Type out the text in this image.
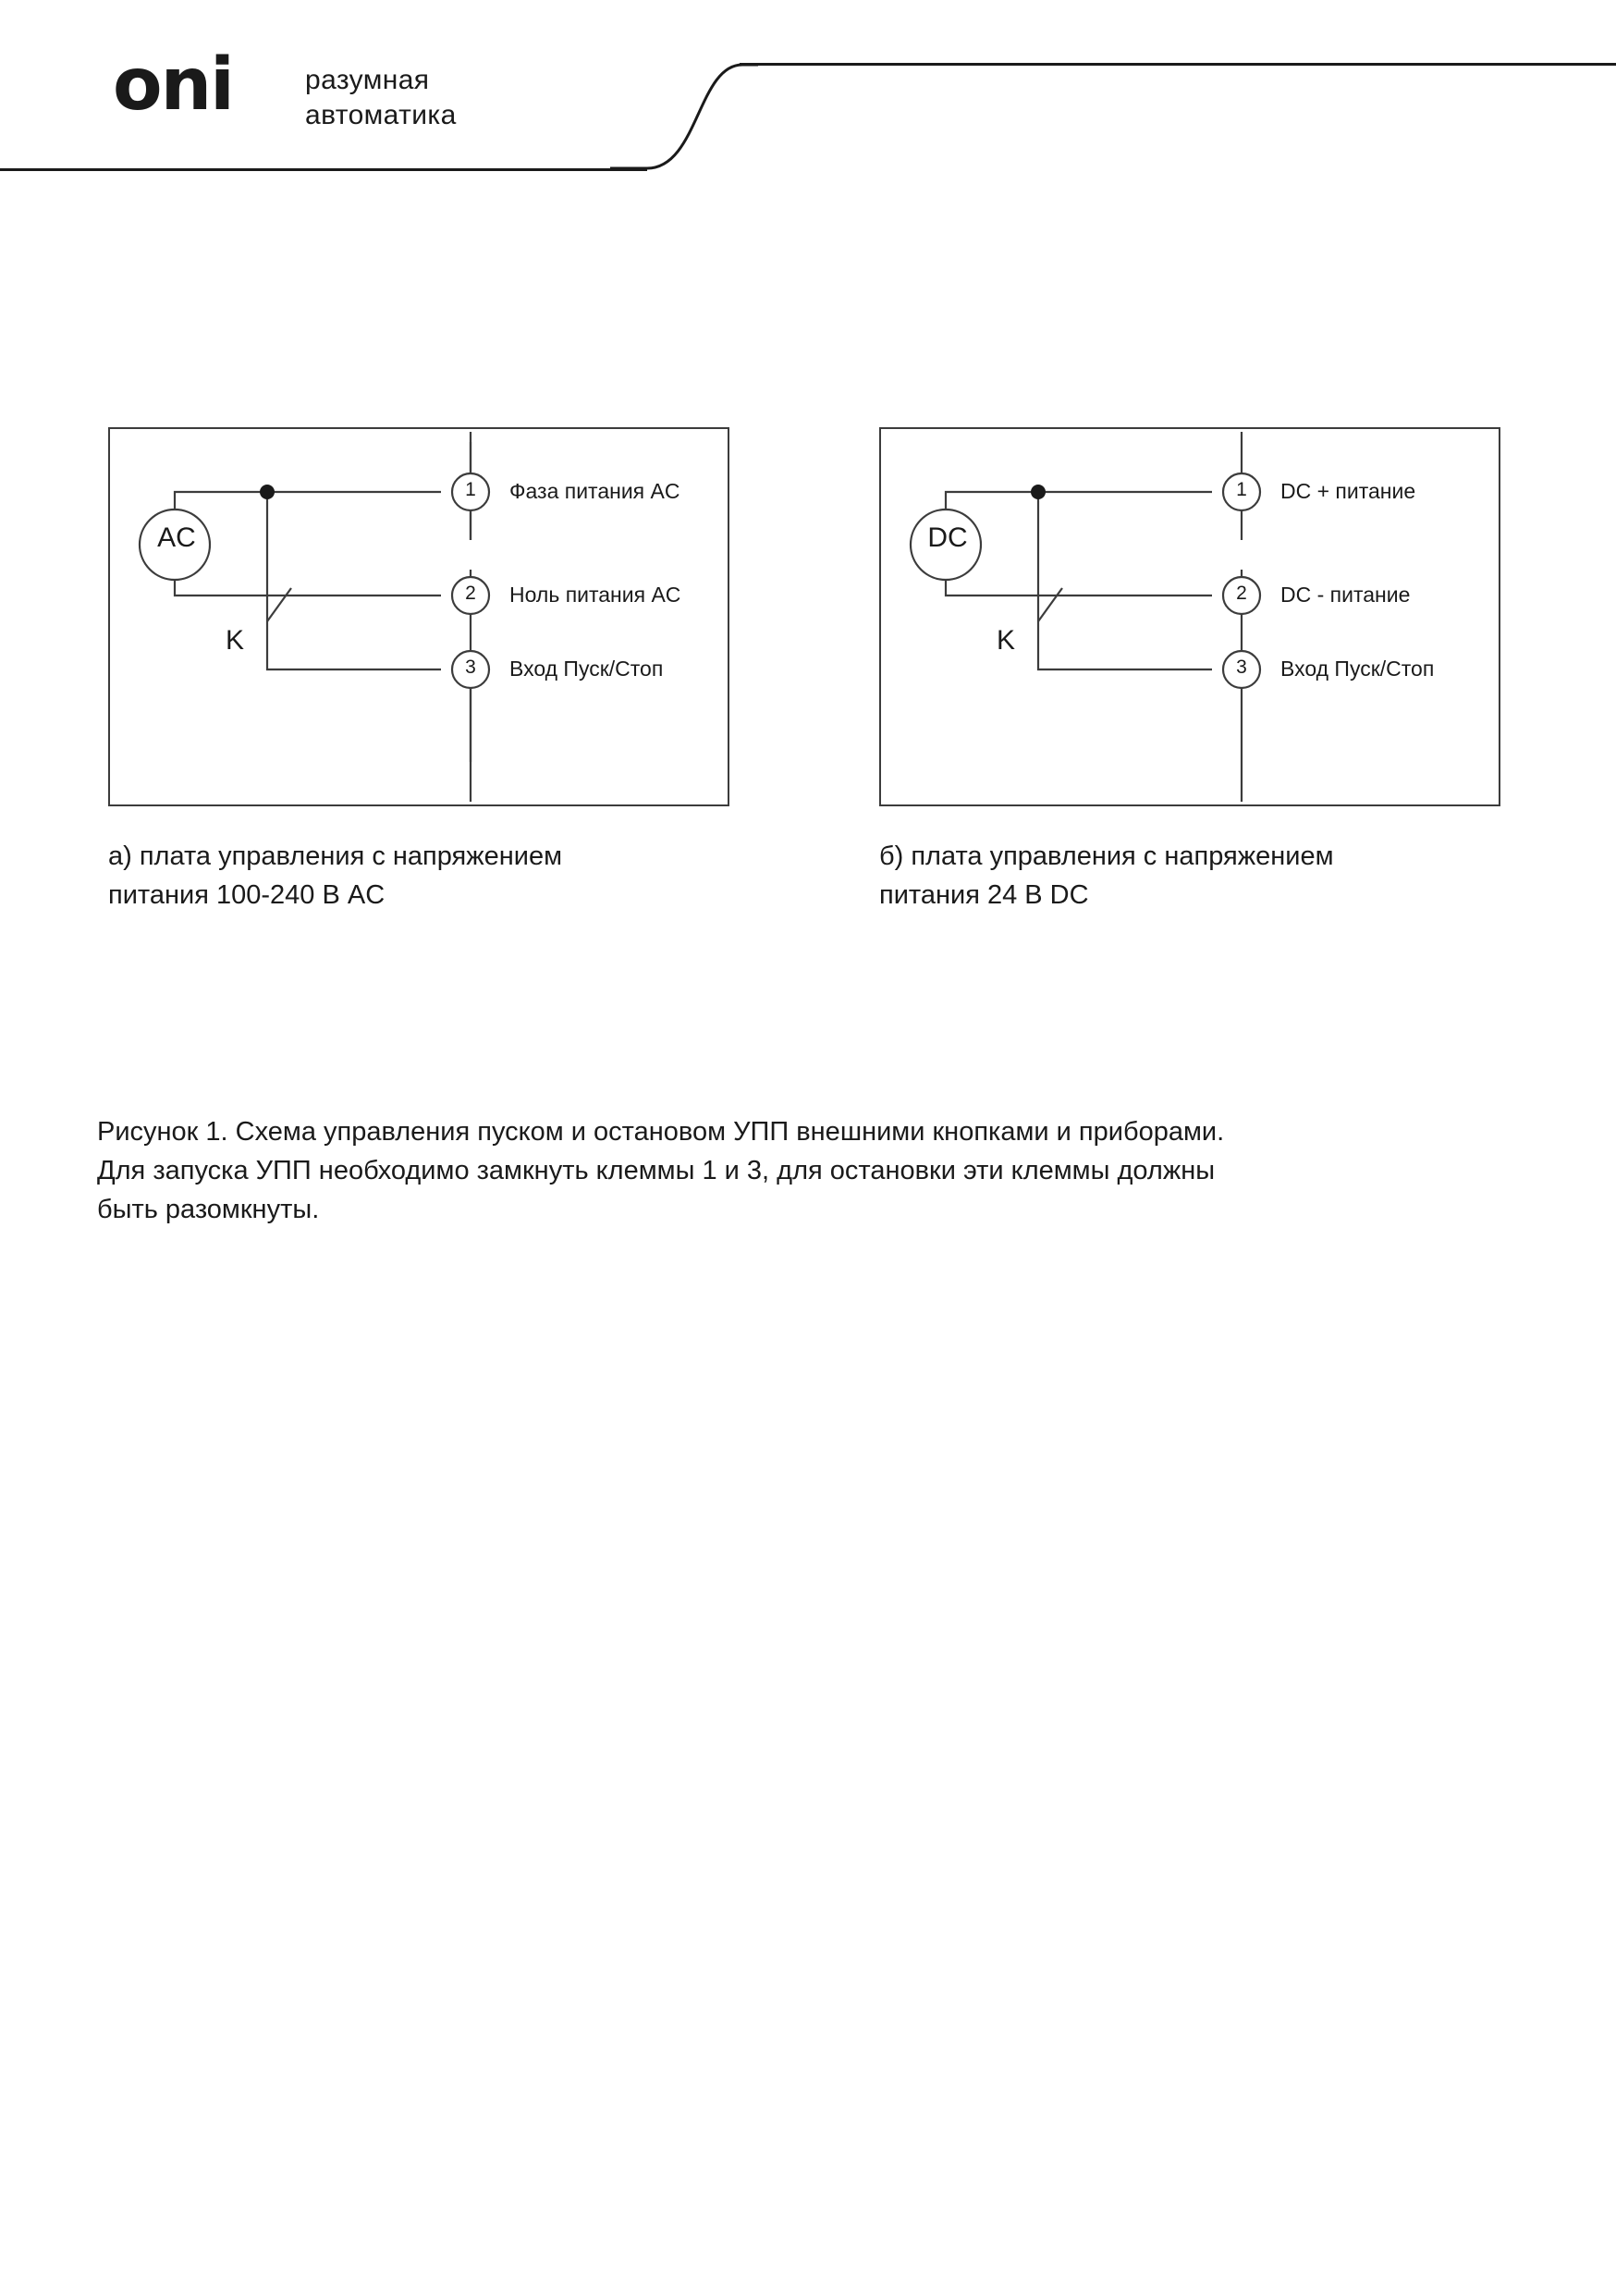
oni	разумная
автоматика
AC
K
1
2
3
Фаза питания AC
Ноль питания AC
Вход Пуск/Стоп
DC
K
1
2
3
DC + питание
DC - питание
Вход Пуск/Стоп
а) плата управления с напряжением
питания 100-240 В AC
б) плата управления с напряжением
питания 24 В DC
Рисунок 1. Схема управления пуском и остановом УПП внешними кнопками и приборами.
Для запуска УПП необходимо замкнуть клеммы 1 и 3, для остановки эти клеммы должны
быть разомкнуты.
